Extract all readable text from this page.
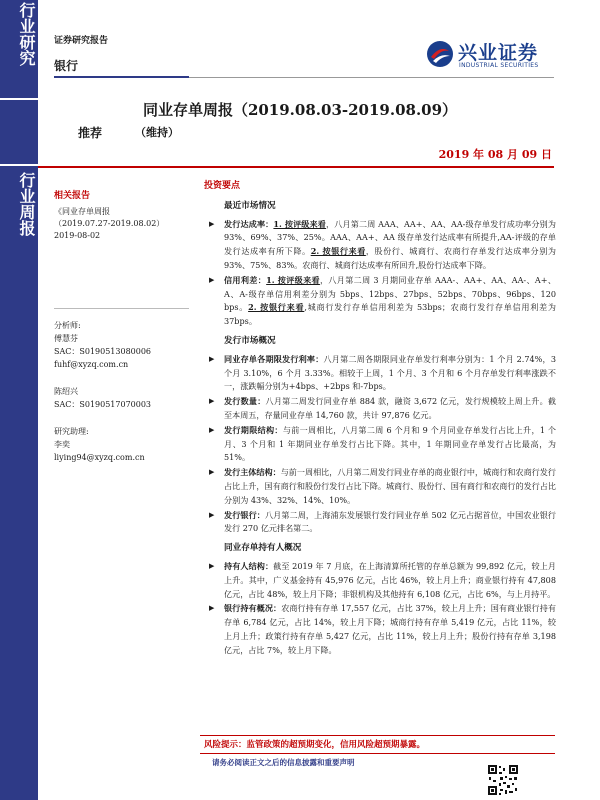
行业研究
行业周报
证券研究报告
银行
兴业证券
INDUSTRIAL SECURITIES
同业存单周报（2019.08.03-2019.08.09）
推荐	（维持）
2019 年 08 月 09 日
相关报告
《同业存单周报
（2019.07.27-2019.08.02）
2019-08-02
分析师:
傅慧芬
SAC：S0190513080006
fuhf@xyzq.com.cn
陈绍兴
SAC：S0190517070003
研究助理:
李奕
liying94@xyzq.com.cn
投资要点
最近市场情况
▶ 发行达成率：1. 按评级来看，八月第二周 AAA、AA+、AA、AA-级存单发行成功率分别为 93%、69%、37%、25%。AAA、AA+、AA 级存单发行达成率有所提升,AA-评级的存单发行达成率有所下降。2. 按银行来看，股份行、城商行、农商行存单发行达成率分别为 93%、75%、83%。农商行、城商行达成率有所回升,股份行达成率下降。
▶ 信用利差：1. 按评级来看，八月第二周 3 月期同业存单 AAA-、AA+、AA、AA-、A+、A、A-级存单信用利差分别为 5bps、12bps、27bps、52bps、70bps、96bps、120 bps。2. 按银行来看,城商行发行存单信用利差为 53bps；农商行发行存单信用利差为 37bps。
发行市场概况
▶ 同业存单各期限发行利率：八月第二周各期限同业存单发行利率分别为：1 个月 2.74%，3 个月 3.10%，6 个月 3.33%。相较于上周，1 个月、3 个月和 6 个月存单发行利率涨跌不一，涨跌幅分别为+4bps、+2bps 和-7bps。
▶ 发行数量：八月第二周发行同业存单 884 款，融资 3,672 亿元，发行规模较上周上升。截至本周五，存量同业存单 14,760 款，共计 97,876 亿元。
▶ 发行期限结构：与前一周相比，八月第二周 6 个月和 9 个月同业存单发行占比上升，1 个月、3 个月和 1 年期同业存单发行占比下降。其中，1 年期同业存单发行占比最高，为 51%。
▶ 发行主体结构：与前一周相比，八月第二周发行同业存单的商业银行中，城商行和农商行发行占比上升，国有商行和股份行发行占比下降。城商行、股份行、国有商行和农商行的发行占比分别为 43%、32%、14%、10%。
▶ 发行银行：八月第二周，上海浦东发展银行发行同业存单 502 亿元占据首位，中国农业银行发行 270 亿元排名第二。
同业存单持有人概况
▶ 持有人结构：截至 2019 年 7 月底，在上海清算所托管的存单总额为 99,892 亿元，较上月上升。其中，广义基金持有 45,976 亿元，占比 46%，较上月上升；商业银行持有 47,808 亿元，占比 48%，较上月下降；非银机构及其他持有 6,108 亿元，占比 6%，与上月持平。
▶ 银行持有概况：农商行持有存单 17,557 亿元，占比 37%，较上月上升；国有商业银行持有存单 6,784 亿元，占比 14%，较上月下降；城商行持有存单 5,419 亿元，占比 11%，较上月上升；政策行持有存单 5,427 亿元，占比 11%，较上月上升；股份行持有存单 3,198 亿元，占比 7%，较上月下降。
风险提示：监管政策的超预期变化，信用风险超预期暴露。
请务必阅读正文之后的信息披露和重要声明
